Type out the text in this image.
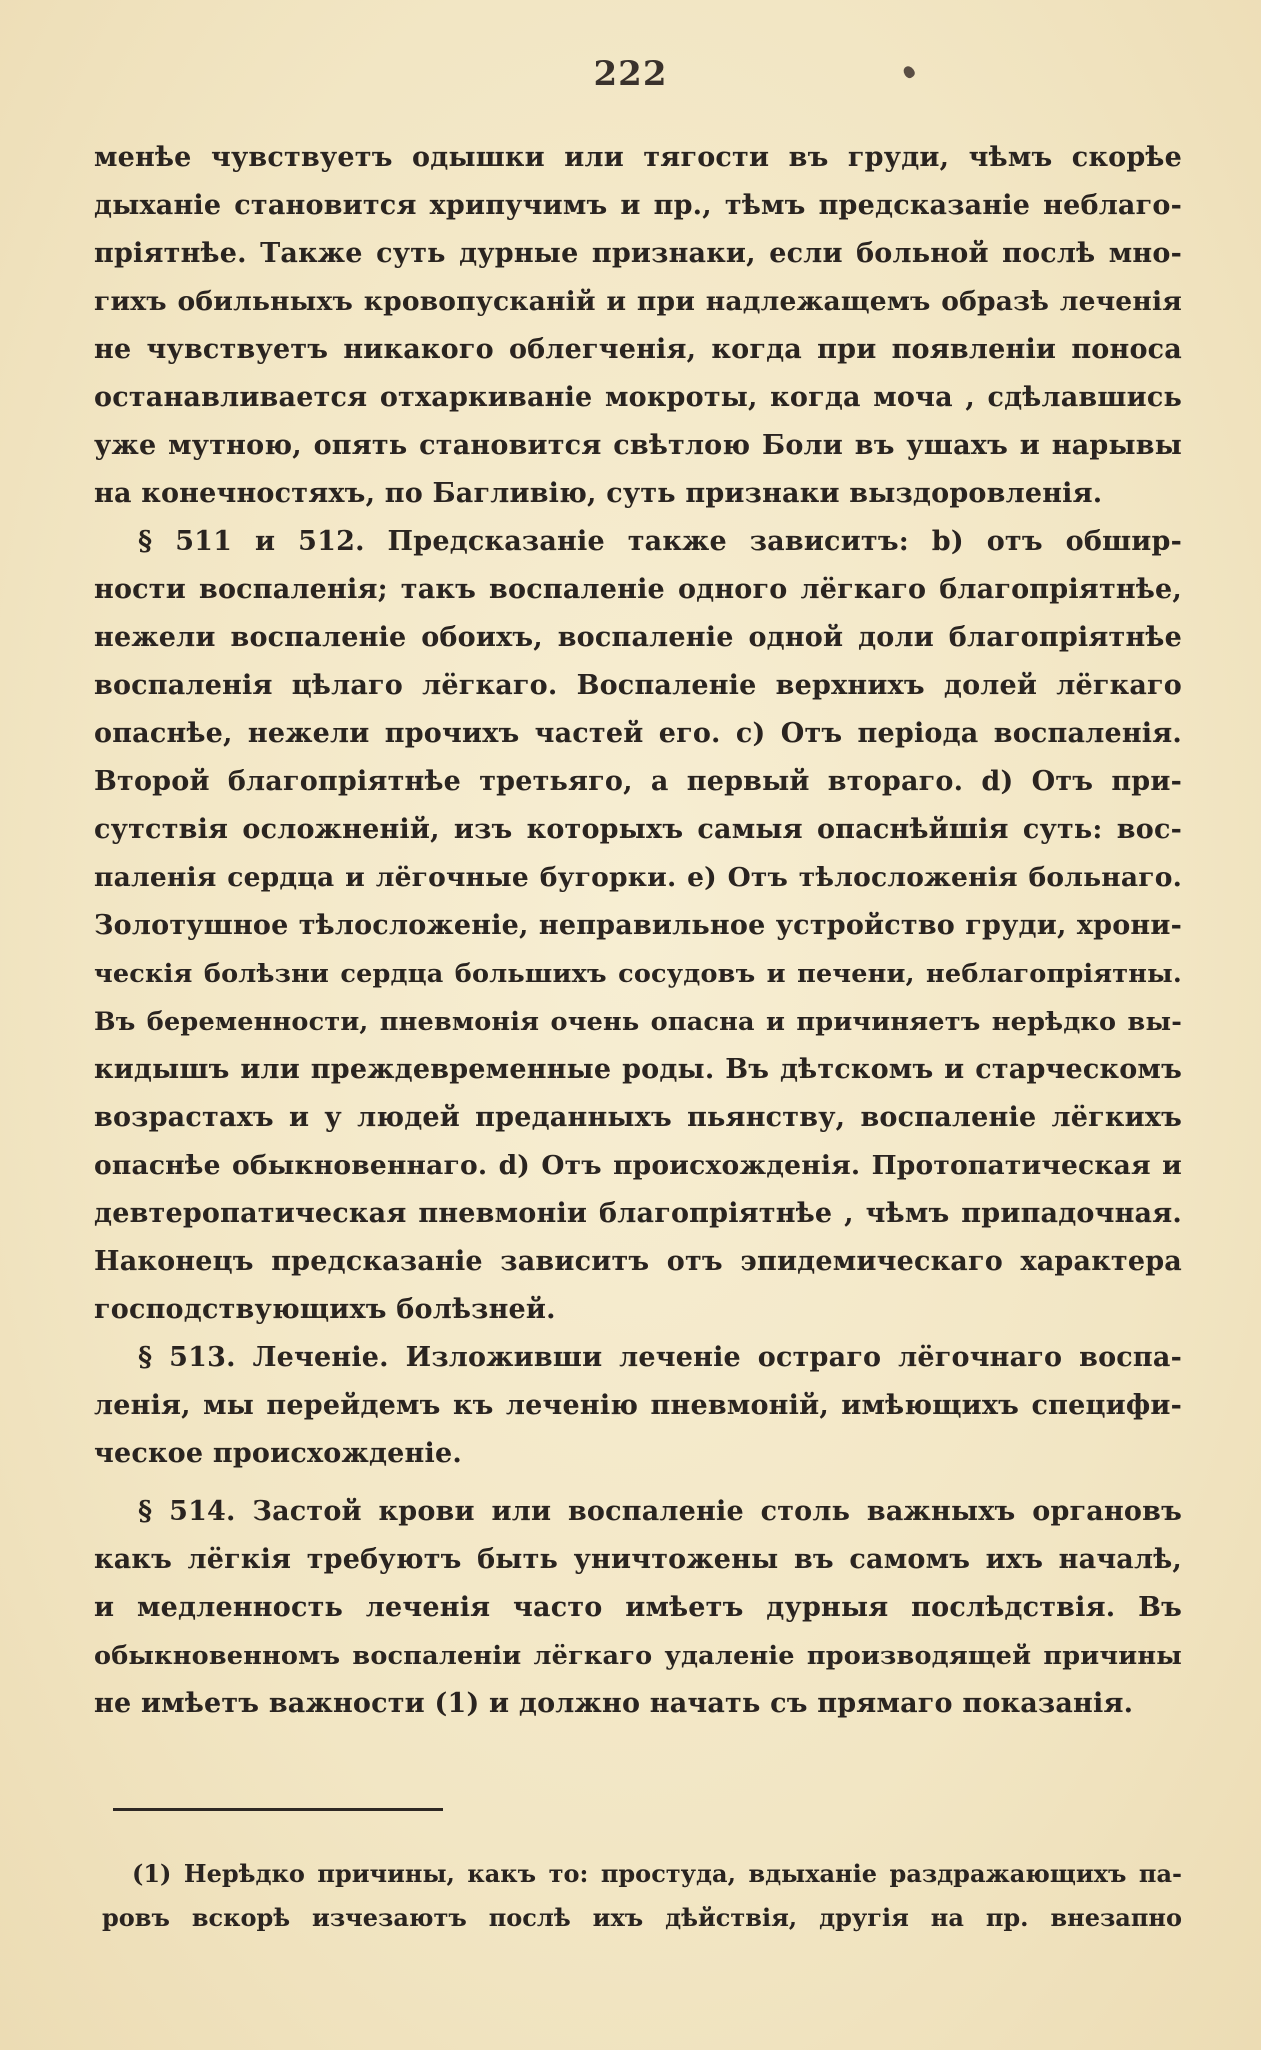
222
менѣе чувствуетъ одышки или тягости въ груди, чѣмъ скорѣе
дыханіе становится хрипучимъ и пр., тѣмъ предсказаніе неблаго-
пріятнѣе. Также суть дурные признаки, если больной послѣ мно-
гихъ обильныхъ кровопусканій и при надлежащемъ образѣ леченія
не чувствуетъ никакого облегченія, когда при появленіи поноса
останавливается отхаркиваніе мокроты, когда моча , сдѣлавшись
уже мутною, опять становится свѣтлою Боли въ ушахъ и нарывы
на конечностяхъ, по Багливію, суть признаки выздоровленія.
§ 511 и 512. Предсказаніе также зависитъ: b) отъ обшир-
ности воспаленія; такъ воспаленіе одного лёгкаго благопріятнѣе,
нежели воспаленіе обоихъ, воспаленіе одной доли благопріятнѣе
воспаленія цѣлаго лёгкаго. Воспаленіе верхнихъ долей лёгкаго
опаснѣе, нежели прочихъ частей его. c) Отъ періода воспаленія.
Второй благопріятнѣе третьяго, а первый втораго. d) Отъ при-
сутствія осложненій, изъ которыхъ самыя опаснѣйшія суть: вос-
паленія сердца и лёгочные бугорки. e) Отъ тѣлосложенія больнаго.
Золотушное тѣлосложеніе, неправильное устройство груди, хрони-
ческія болѣзни сердца большихъ сосудовъ и печени, неблагопріятны.
Въ беременности, пневмонія очень опасна и причиняетъ нерѣдко вы-
кидышъ или преждевременные роды. Въ дѣтскомъ и старческомъ
возрастахъ и у людей преданныхъ пьянству, воспаленіе лёгкихъ
опаснѣе обыкновеннаго. d) Отъ происхожденія. Протопатическая и
девтеропатическая пневмоніи благопріятнѣе , чѣмъ припадочная.
Наконецъ предсказаніе зависитъ отъ эпидемическаго характера
господствующихъ болѣзней.
§ 513. Леченіе. Изложивши леченіе остраго лёгочнаго воспа-
ленія, мы перейдемъ къ леченію пневмоній, имѣющихъ специфи-
ческое происхожденіе.
§ 514. Застой крови или воспаленіе столь важныхъ органовъ
какъ лёгкія требуютъ быть уничтожены въ самомъ ихъ началѣ,
и медленность леченія часто имѣетъ дурныя послѣдствія. Въ
обыкновенномъ воспаленіи лёгкаго удаленіе производящей причины
не имѣетъ важности (1) и должно начать съ прямаго показанія.
(1) Нерѣдко причины, какъ то: простуда, вдыханіе раздражающихъ па-
ровъ вскорѣ изчезаютъ послѣ ихъ дѣйствія, другія на пр. внезапно
